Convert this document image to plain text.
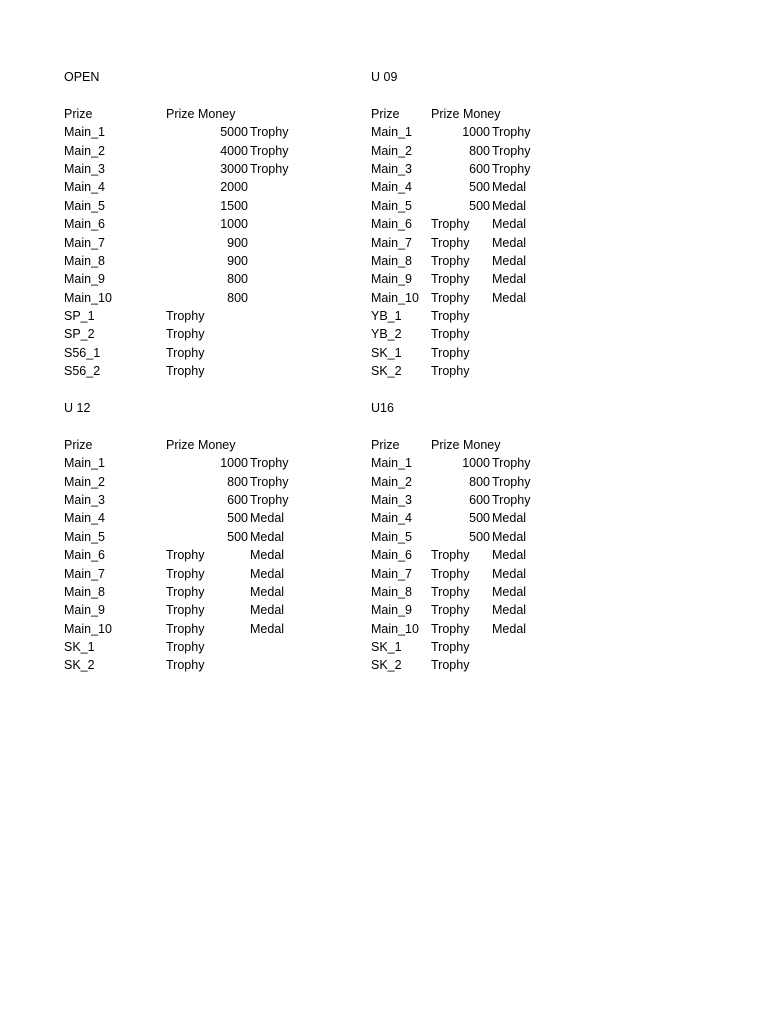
OPEN
Prize	Prize Money
Main_1	5000 Trophy
Main_2	4000 Trophy
Main_3	3000 Trophy
Main_4	2000
Main_5	1500
Main_6	1000
Main_7	900
Main_8	900
Main_9	800
Main_10	800
SP_1	Trophy
SP_2	Trophy
S56_1	Trophy
S56_2	Trophy
U 09
Prize	Prize Money
Main_1	1000 Trophy
Main_2	800 Trophy
Main_3	600 Trophy
Main_4	500 Medal
Main_5	500 Medal
Main_6 Trophy Medal
Main_7 Trophy Medal
Main_8 Trophy Medal
Main_9 Trophy Medal
Main_10 Trophy Medal
YB_1 Trophy
YB_2 Trophy
SK_1 Trophy
SK_2 Trophy
U 12
Prize	Prize Money
Main_1	1000 Trophy
Main_2	800 Trophy
Main_3	600 Trophy
Main_4	500 Medal
Main_5	500 Medal
Main_6	Trophy	Medal
Main_7	Trophy	Medal
Main_8	Trophy	Medal
Main_9	Trophy	Medal
Main_10	Trophy	Medal
SK_1	Trophy
SK_2	Trophy
U16
Prize	Prize Money
Main_1	1000 Trophy
Main_2	800 Trophy
Main_3	600 Trophy
Main_4	500 Medal
Main_5	500 Medal
Main_6 Trophy Medal
Main_7 Trophy Medal
Main_8 Trophy Medal
Main_9 Trophy Medal
Main_10 Trophy Medal
SK_1 Trophy
SK_2 Trophy
